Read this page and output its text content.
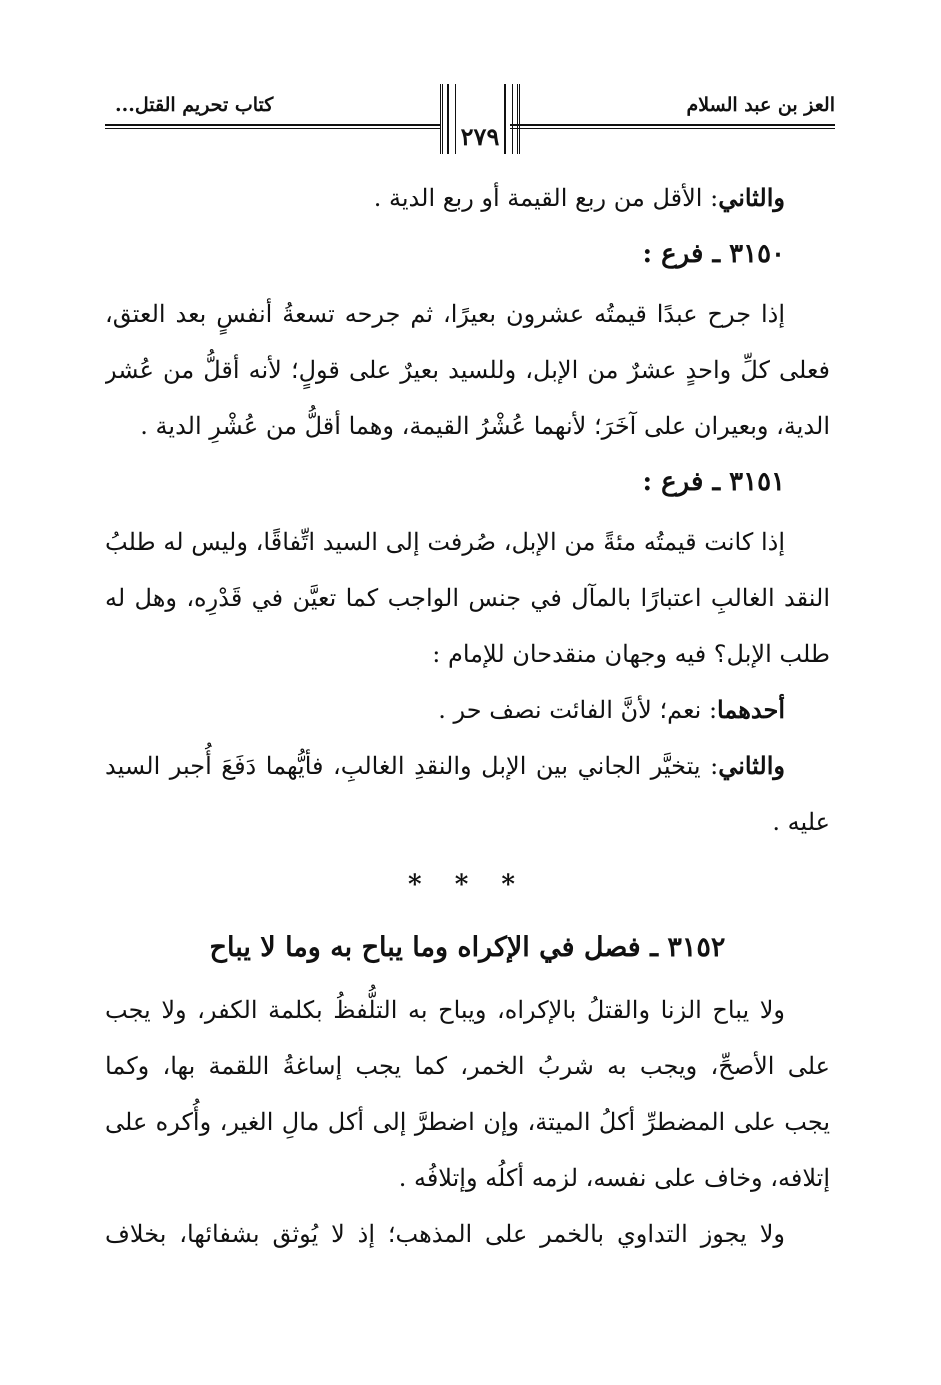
العز بن عبد السلام
كتاب تحريم القتل...
٢٧٩
والثاني: الأقل من ربع القيمة أو ربع الدية .
٣١٥٠ ـ فرع :
إذا جرح عبدًا قيمتُه عشرون بعيرًا، ثم جرحه تسعةُ أنفسٍ بعد العتق،
فعلى كلِّ واحدٍ عشرٌ من الإبل، وللسيد بعيرٌ على قولٍ؛ لأنه أقلُّ من عُشر
الدية، وبعيران على آخَرَ؛ لأنهما عُشْرُ القيمة، وهما أقلُّ من عُشْرِ الدية .
٣١٥١ ـ فرع :
إذا كانت قيمتُه مئةً من الإبل، صُرفت إلى السيد اتِّفاقًا، وليس له طلبُ
النقد الغالبِ اعتبارًا بالمآل في جنس الواجب كما تعيَّن في قَدْرِه، وهل له
طلب الإبل؟ فيه وجهان منقدحان للإمام :
أحدهما: نعم؛ لأنَّ الفائت نصف حر .
والثاني: يتخيَّر الجاني بين الإبل والنقدِ الغالبِ، فأيُّهما دَفَعَ أُجبر السيد
عليه .
* * *
٣١٥٢ ـ فصل في الإكراه وما يباح به وما لا يباح
ولا يباح الزنا والقتلُ بالإكراه، ويباح به التلُّفظُ بكلمة الكفر، ولا يجب
على الأصحِّ، ويجب به شربُ الخمر، كما يجب إساغةُ اللقمة بها، وكما
يجب على المضطرِّ أكلُ الميتة، وإن اضطرَّ إلى أكل مالِ الغير، وأُكره على
إتلافه، وخاف على نفسه، لزمه أكلُه وإتلافُه .
ولا يجوز التداوي بالخمر على المذهب؛ إذ لا يُوثق بشفائها، بخلاف
